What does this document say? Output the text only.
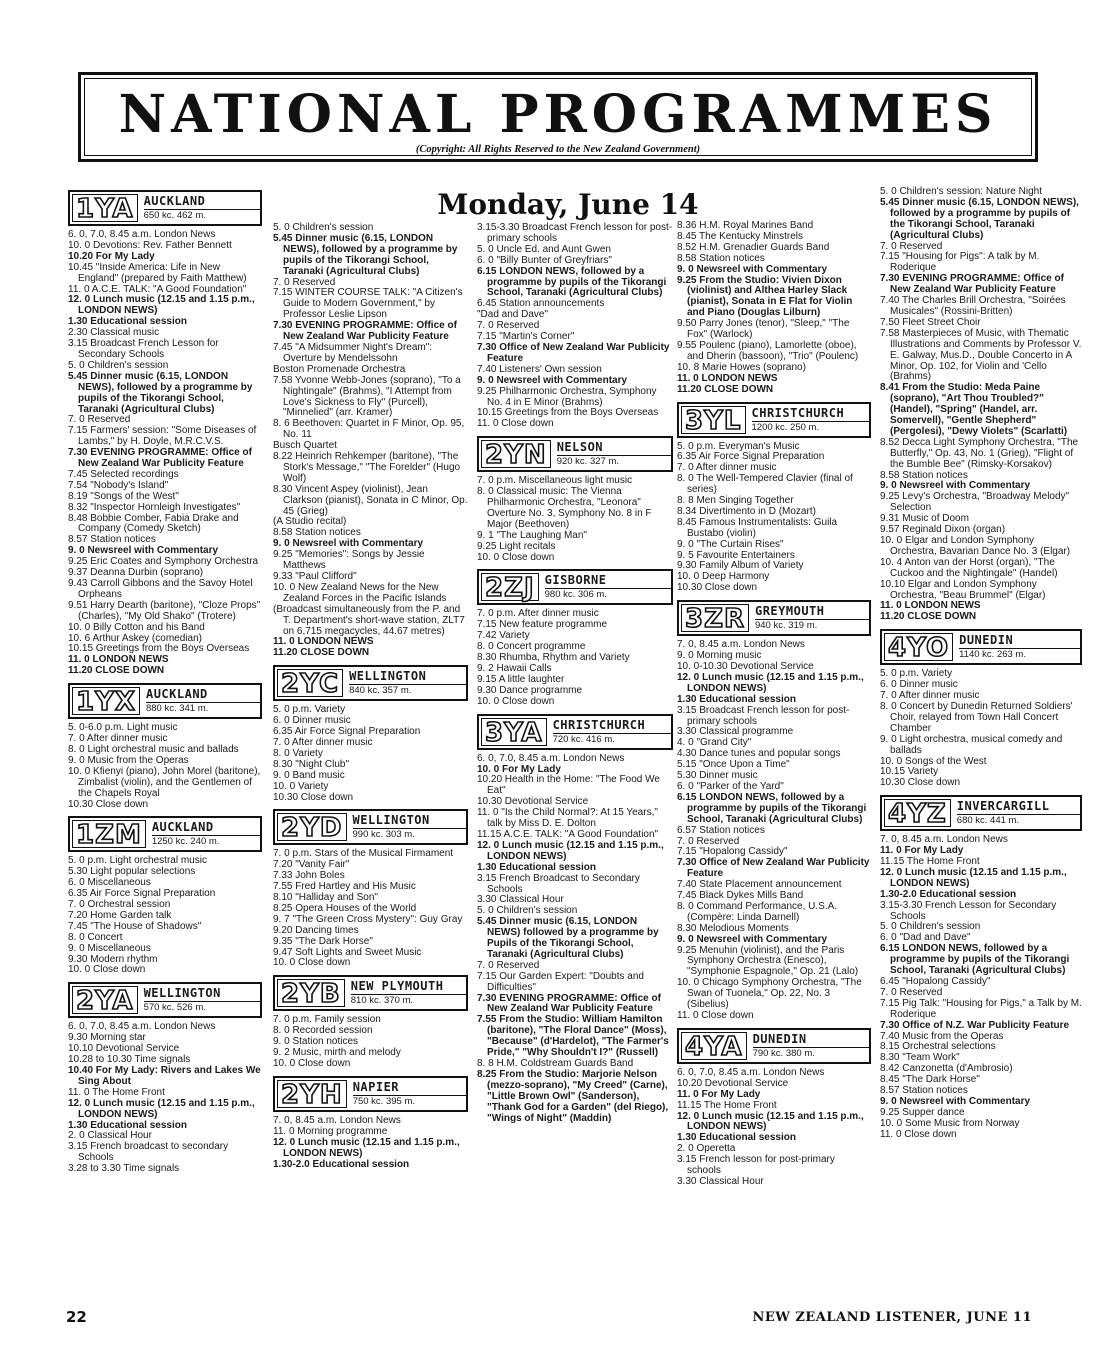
NATIONAL PROGRAMMES
(Copyright: All Rights Reserved to the New Zealand Government)
Monday, June 14
1YA AUCKLAND
650 kc. 462 m.

6. 0, 7.0, 8.45 a.m. London News

10. 0 Devotions: Rev. Father Bennett

10.20 For My Lady

10.45 "Inside America: Life in New England" (prepared by Faith Matthew)

11. 0 A.C.E. TALK: "A Good Foundation"

12. 0 Lunch music (12.15 and 1.15 p.m., LONDON NEWS)

1.30 Educational session

2.30 Classical music

3.15 Broadcast French Lesson for Secondary Schools

5. 0 Children's session

5.45 Dinner music (6.15, LONDON NEWS), followed by a programme by pupils of the Tikorangi School, Taranaki (Agricultural Clubs)

7. 0 Reserved

7.15 Farmers' session: "Some Diseases of Lambs," by H. Doyle, M.R.C.V.S.

7.30 EVENING PROGRAMME: Office of New Zealand War Publicity Feature

7.45 Selected recordings

7.54 "Nobody's Island"

8.19 "Songs of the West"

8.32 "Inspector Hornleigh Investigates"

8.48 Bobbie Comber, Fabia Drake and Company (Comedy Sketch)

8.57 Station notices

9. 0 Newsreel with Commentary

9.25 Eric Coates and Symphony Orchestra

9.37 Deanna Durbin (soprano)

9.43 Carroll Gibbons and the Savoy Hotel Orpheans

9.51 Harry Dearth (baritone), "Cloze Props" (Charles), "My Old Shako" (Trotere)

10. 0 Billy Cotton and his Band

10. 6 Arthur Askey (comedian)

10.15 Greetings from the Boys Overseas

11. 0 LONDON NEWS

11.20 CLOSE DOWN

1YX AUCKLAND
880 kc. 341 m.

5. 0-6.0 p.m. Light music

7. 0 After dinner music

8. 0 Light orchestral music and ballads

9. 0 Music from the Operas

10. 0 Kfienyi (piano), John Morel (baritone), Zimbalist (violin), and the Gentlemen of the Chapels Royal

10.30 Close down

1ZM AUCKLAND
1250 kc. 240 m.

5. 0 p.m. Light orchestral music

5.30 Light popular selections

6. 0 Miscellaneous

6.35 Air Force Signal Preparation

7. 0 Orchestral session

7.20 Home Garden talk

7.45 "The House of Shadows"

8. 0 Concert

9. 0 Miscellaneous

9.30 Modern rhythm

10. 0 Close down

2YA WELLINGTON
570 kc. 526 m.

6. 0, 7.0, 8.45 a.m. London News

9.30 Morning star

10.10 Devotional Service

10.28 to 10.30 Time signals

10.40 For My Lady: Rivers and Lakes We Sing About

11. 0 The Home Front

12. 0 Lunch music (12.15 and 1.15 p.m., LONDON NEWS)

1.30 Educational session

2. 0 Classical Hour

3.15 French broadcast to secondary Schools

3.28 to 3.30 Time signals

5. 0 Children's session

5.45 Dinner music (6.15, LONDON NEWS), followed by a programme by pupils of the Tikorangi School, Taranaki (Agricultural Clubs)

7. 0 Reserved

7.15 WINTER COURSE TALK: "A Citizen's Guide to Modern Government," by Professor Leslie Lipson

7.30 EVENING PROGRAMME: Office of New Zealand War Publicity Feature

7.45 "A Midsummer Night's Dream": Overture by Mendelssohn

Boston Promenade Orchestra

7.58 Yvonne Webb-Jones (soprano), "To a Nightingale" (Brahms), "I Attempt from Love's Sickness to Fly" (Purcell), "Minnelied" (arr. Kramer)

8. 6 Beethoven: Quartet in F Minor, Op. 95, No. 11

Busch Quartet

8.22 Heinrich Rehkemper (baritone), "The Stork's Message," "The Forelder" (Hugo Wolf)

8.30 Vincent Aspey (violinist), Jean Clarkson (pianist), Sonata in C Minor, Op. 45 (Grieg)

(A Studio recital)

8.58 Station notices

9. 0 Newsreel with Commentary

9.25 "Memories": Songs by Jessie Matthews

9.33 "Paul Clifford"

10. 0 New Zealand News for the New Zealand Forces in the Pacific Islands

(Broadcast simultaneously from the P. and T. Department's short-wave station, ZLT7 on 6,715 megacycles, 44.67 metres)

11. 0 LONDON NEWS

11.20 CLOSE DOWN

2YC WELLINGTON
840 kc. 357 m.

5. 0 p.m. Variety

6. 0 Dinner music

6.35 Air Force Signal Preparation

7. 0 After dinner music

8. 0 Variety

8.30 "Night Club"

9. 0 Band music

10. 0 Variety

10.30 Close down

2YD WELLINGTON
990 kc. 303 m.

7. 0 p.m. Stars of the Musical Firmament

7.20 "Vanity Fair"

7.33 John Boles

7.55 Fred Hartley and His Music

8.10 "Halliday and Son"

8.25 Opera Houses of the World

9. 7 "The Green Cross Mystery": Guy Gray

9.20 Dancing times

9.35 "The Dark Horse"

9.47 Soft Lights and Sweet Music

10. 0 Close down

2YB NEW PLYMOUTH
810 kc. 370 m.

7. 0 p.m. Family session

8. 0 Recorded session

9. 0 Station notices

9. 2 Music, mirth and melody

10. 0 Close down

2YH NAPIER
750 kc. 395 m.

7. 0, 8.45 a.m. London News

11. 0 Morning programme

12. 0 Lunch music (12.15 and 1.15 p.m., LONDON NEWS)

1.30-2.0 Educational session

3.15-3.30 Broadcast French lesson for post-primary schools

5. 0 Uncle Ed. and Aunt Gwen

6. 0 "Billy Bunter of Greyfriars"

6.15 LONDON NEWS, followed by a programme by pupils of the Tikorangi School, Taranaki (Agricultural Clubs)

6.45 Station announcements

"Dad and Dave"

7. 0 Reserved

7.15 "Martin's Corner"

7.30 Office of New Zealand War Publicity Feature

7.40 Listeners' Own session

9. 0 Newsreel with Commentary

9.25 Philharmonic Orchestra, Symphony No. 4 in E Minor (Brahms)

10.15 Greetings from the Boys Overseas

11. 0 Close down

2YN NELSON
920 kc. 327 m.

7. 0 p.m. Miscellaneous light music

8. 0 Classical music: The Vienna Philharmonic Orchestra, "Leonora" Overture No. 3, Symphony No. 8 in F Major (Beethoven)

9. 1 "The Laughing Man"

9.25 Light recitals

10. 0 Close down

2ZJ GISBORNE
980 kc. 306 m.

7. 0 p.m. After dinner music

7.15 New feature programme

7.42 Variety

8. 0 Concert programme

8.30 Rhumba, Rhythm and Variety

9. 2 Hawaii Calls

9.15 A little laughter

9.30 Dance programme

10. 0 Close down

3YA CHRISTCHURCH
720 kc. 416 m.

6. 0, 7.0, 8.45 a.m. London News

10. 0 For My Lady

10.20 Health in the Home: "The Food We Eat"

10.30 Devotional Service

11. 0 "Is the Child Normal?: At 15 Years," talk by Miss D. E. Dolton

11.15 A.C.E. TALK: "A Good Foundation"

12. 0 Lunch music (12.15 and 1.15 p.m., LONDON NEWS)

1.30 Educational session

3.15 French Broadcast to Secondary Schools

3.30 Classical Hour

5. 0 Children's session

5.45 Dinner music (6.15, LONDON NEWS) followed by a programme by Pupils of the Tikorangi School, Taranaki (Agricultural Clubs)

7. 0 Reserved

7.15 Our Garden Expert: "Doubts and Difficulties"

7.30 EVENING PROGRAMME: Office of New Zealand War Publicity Feature

7.55 From the Studio: William Hamilton (baritone), "The Floral Dance" (Moss), "Because" (d'Hardelot), "The Farmer's Pride," "Why Shouldn't I?" (Russell)

8. 8 H.M. Coldstream Guards Band

8.25 From the Studio: Marjorie Nelson (mezzo-soprano), "My Creed" (Carne), "Little Brown Owl" (Sanderson), "Thank God for a Garden" (del Riego), "Wings of Night" (Maddin)

8.36 H.M. Royal Marines Band

8.45 The Kentucky Minstrels

8.52 H.M. Grenadier Guards Band

8.58 Station notices

9. 0 Newsreel with Commentary

9.25 From the Studio: Vivien Dixon (violinist) and Althea Harley Slack (pianist), Sonata in E Flat for Violin and Piano (Douglas Lilburn)

9.50 Parry Jones (tenor), "Sleep," "The Fox" (Warlock)

9.55 Poulenc (piano), Lamorlette (oboe), and Dherin (bassoon), "Trio" (Poulenc)

10. 8 Marie Howes (soprano)

11. 0 LONDON NEWS

11.20 CLOSE DOWN

3YL CHRISTCHURCH
1200 kc. 250 m.

5. 0 p.m. Everyman's Music

6.35 Air Force Signal Preparation

7. 0 After dinner music

8. 0 The Well-Tempered Clavier (final of series)

8. 8 Men Singing Together

8.34 Divertimento in D (Mozart)

8.45 Famous Instrumentalists: Guila Bustabo (violin)

9. 0 "The Curtain Rises"

9. 5 Favourite Entertainers

9.30 Family Album of Variety

10. 0 Deep Harmony

10.30 Close down

3ZR GREYMOUTH
940 kc. 319 m.

7. 0, 8.45 a.m. London News

9. 0 Morning music

10. 0-10.30 Devotional Service

12. 0 Lunch music (12.15 and 1.15 p.m., LONDON NEWS)

1.30 Educational session

3.15 Broadcast French lesson for post-primary schools

3.30 Classical programme

4. 0 "Grand City"

4.30 Dance tunes and popular songs

5.15 "Once Upon a Time"

5.30 Dinner music

6. 0 "Parker of the Yard"

6.15 LONDON NEWS, followed by a programme by pupils of the Tikorangi School, Taranaki (Agricultural Clubs)

6.57 Station notices

7. 0 Reserved

7.15 "Hopalong Cassidy"

7.30 Office of New Zealand War Publicity Feature

7.40 State Placement announcement

7.45 Black Dykes Mills Band

8. 0 Command Performance, U.S.A. (Compère: Linda Darnell)

8.30 Melodious Moments

9. 0 Newsreel with Commentary

9.25 Menuhin (violinist), and the Paris Symphony Orchestra (Enesco), "Symphonie Espagnole," Op. 21 (Lalo)

10. 0 Chicago Symphony Orchestra, "The Swan of Tuonela," Op. 22, No. 3 (Sibelius)

11. 0 Close down

4YA DUNEDIN
790 kc. 380 m.

6. 0, 7.0, 8.45 a.m. London News

10.20 Devotional Service

11. 0 For My Lady

11.15 The Home Front

12. 0 Lunch music (12.15 and 1.15 p.m., LONDON NEWS)

1.30 Educational session

2. 0 Operetta

3.15 French lesson for post-primary schools

3.30 Classical Hour

5. 0 Children's session: Nature Night

5.45 Dinner music (6.15, LONDON NEWS), followed by a programme by pupils of the Tikorangi School, Taranaki (Agricultural Clubs)

7. 0 Reserved

7.15 "Housing for Pigs": A talk by M. Roderique

7.30 EVENING PROGRAMME: Office of New Zealand War Publicity Feature

7.40 The Charles Brill Orchestra, "Soirées Musicales" (Rossini-Britten)

7.50 Fleet Street Choir

7.58 Masterpieces of Music, with Thematic Illustrations and Comments by Professor V. E. Galway, Mus.D., Double Concerto in A Minor, Op. 102, for Violin and 'Cello (Brahms)

8.41 From the Studio: Meda Paine (soprano), "Art Thou Troubled?" (Handel), "Spring" (Handel, arr. Somervell), "Gentle Shepherd" (Pergolesi), "Dewy Violets" (Scarlatti)

8.52 Decca Light Symphony Orchestra, "The Butterfly," Op. 43, No. 1 (Grieg), "Flight of the Bumble Bee" (Rimsky-Korsakov)

8.58 Station notices

9. 0 Newsreel with Commentary

9.25 Levy's Orchestra, "Broadway Melody" Selection

9.31 Music of Doom

9.57 Reginald Dixon (organ)

10. 0 Elgar and London Symphony Orchestra, Bavarian Dance No. 3 (Elgar)

10. 4 Anton van der Horst (organ), "The Cuckoo and the Nightingale" (Handel)

10.10 Elgar and London Symphony Orchestra, "Beau Brummel" (Elgar)

11. 0 LONDON NEWS

11.20 CLOSE DOWN

4YO DUNEDIN
1140 kc. 263 m.

5. 0 p.m. Variety

6. 0 Dinner music

7. 0 After dinner music

8. 0 Concert by Dunedin Returned Soldiers' Choir, relayed from Town Hall Concert Chamber

9. 0 Light orchestra, musical comedy and ballads

10. 0 Songs of the West

10.15 Variety

10.30 Close down

4YZ INVERCARGILL
680 kc. 441 m.

7. 0, 8.45 a.m. London News

11. 0 For My Lady

11.15 The Home Front

12. 0 Lunch music (12.15 and 1.15 p.m., LONDON NEWS)

1.30-2.0 Educational session

3.15-3.30 French Lesson for Secondary Schools

5. 0 Children's session

6. 0 "Dad and Dave"

6.15 LONDON NEWS, followed by a programme by pupils of the Tikorangi School, Taranaki (Agricultural Clubs)

6.45 "Hopalong Cassidy"

7. 0 Reserved

7.15 Pig Talk: "Housing for Pigs," a Talk by M. Roderique

7.30 Office of N.Z. War Publicity Feature

7.40 Music from the Operas

8.15 Orchestral selections

8.30 "Team Work"

8.42 Canzonetta (d'Ambrosio)

8.45 "The Dark Horse"

8.57 Station notices

9. 0 Newsreel with Commentary

9.25 Supper dance

10. 0 Some Music from Norway

11. 0 Close down

22	NEW ZEALAND LISTENER, JUNE 11
